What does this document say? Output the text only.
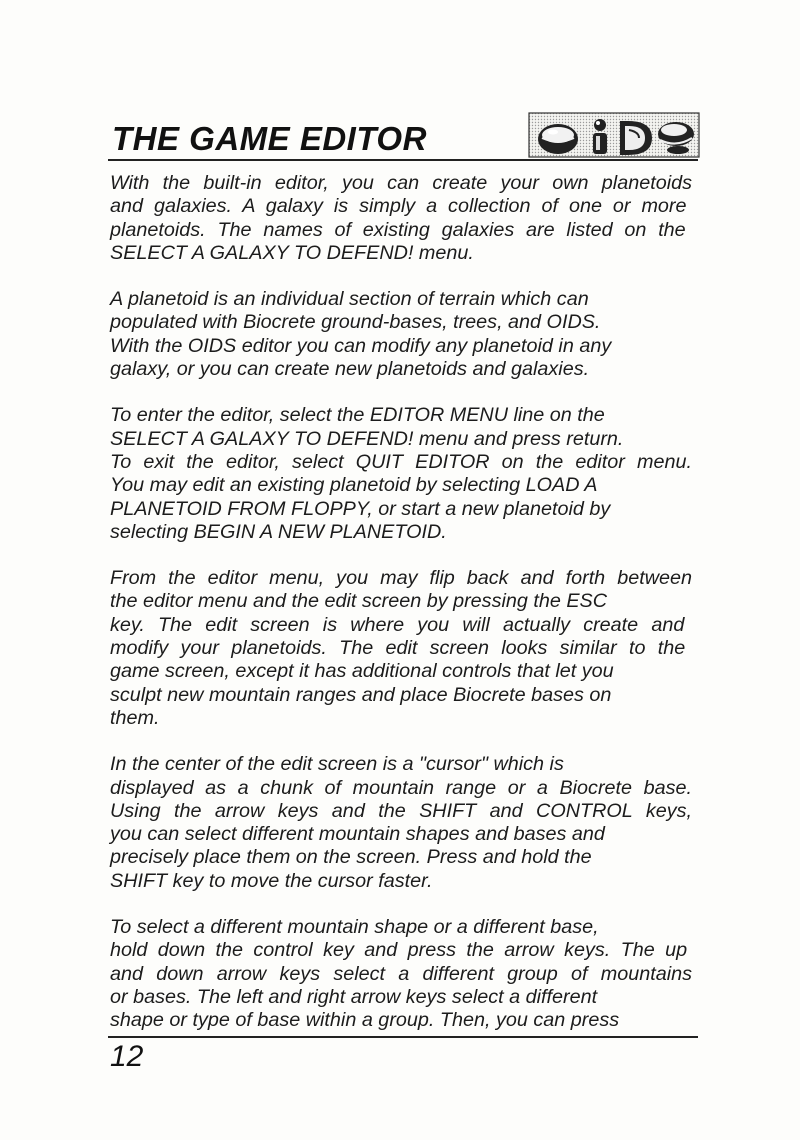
THE GAME EDITOR

With the built-in editor, you can create your own planetoids
and galaxies. A galaxy is simply a collection of one or more
planetoids. The names of existing galaxies are listed on the
SELECT A GALAXY TO DEFEND! menu.

A planetoid is an individual section of terrain which can
populated with Biocrete ground-bases, trees, and OIDS.
With the OIDS editor you can modify any planetoid in any
galaxy, or you can create new planetoids and galaxies.

To enter the editor, select the EDITOR MENU line on the
SELECT A GALAXY TO DEFEND! menu and press return.
To exit the editor, select QUIT EDITOR on the editor menu.
You may edit an existing planetoid by selecting LOAD A
PLANETOID FROM FLOPPY, or start a new planetoid by
selecting BEGIN A NEW PLANETOID.

From the editor menu, you may flip back and forth between
the editor menu and the edit screen by pressing the ESC
key. The edit screen is where you will actually create and
modify your planetoids. The edit screen looks similar to the
game screen, except it has additional controls that let you
sculpt new mountain ranges and place Biocrete bases on
them.

In the center of the edit screen is a "cursor" which is
displayed as a chunk of mountain range or a Biocrete base.
Using the arrow keys and the SHIFT and CONTROL keys,
you can select different mountain shapes and bases and
precisely place them on the screen. Press and hold the
SHIFT key to move the cursor faster.

To select a different mountain shape or a different base,
hold down the control key and press the arrow keys. The up
and down arrow keys select a different group of mountains
or bases. The left and right arrow keys select a different
shape or type of base within a group. Then, you can press

12
